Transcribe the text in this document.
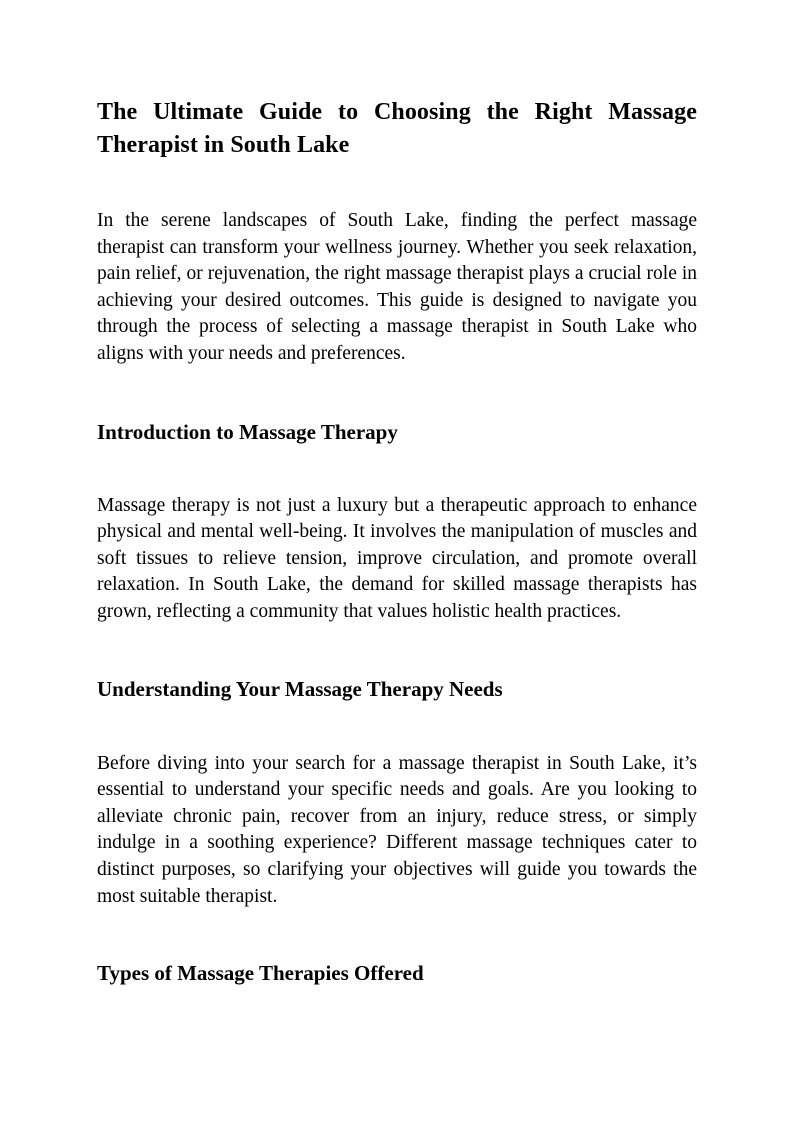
The Ultimate Guide to Choosing the Right Massage Therapist in South Lake

In the serene landscapes of South Lake, finding the perfect massage therapist can transform your wellness journey. Whether you seek relaxation, pain relief, or rejuvenation, the right massage therapist plays a crucial role in achieving your desired outcomes. This guide is designed to navigate you through the process of selecting a massage therapist in South Lake who aligns with your needs and preferences.

Introduction to Massage Therapy

Massage therapy is not just a luxury but a therapeutic approach to enhance physical and mental well-being. It involves the manipulation of muscles and soft tissues to relieve tension, improve circulation, and promote overall relaxation. In South Lake, the demand for skilled massage therapists has grown, reflecting a community that values holistic health practices.

Understanding Your Massage Therapy Needs

Before diving into your search for a massage therapist in South Lake, it’s essential to understand your specific needs and goals. Are you looking to alleviate chronic pain, recover from an injury, reduce stress, or simply indulge in a soothing experience? Different massage techniques cater to distinct purposes, so clarifying your objectives will guide you towards the most suitable therapist.

Types of Massage Therapies Offered
